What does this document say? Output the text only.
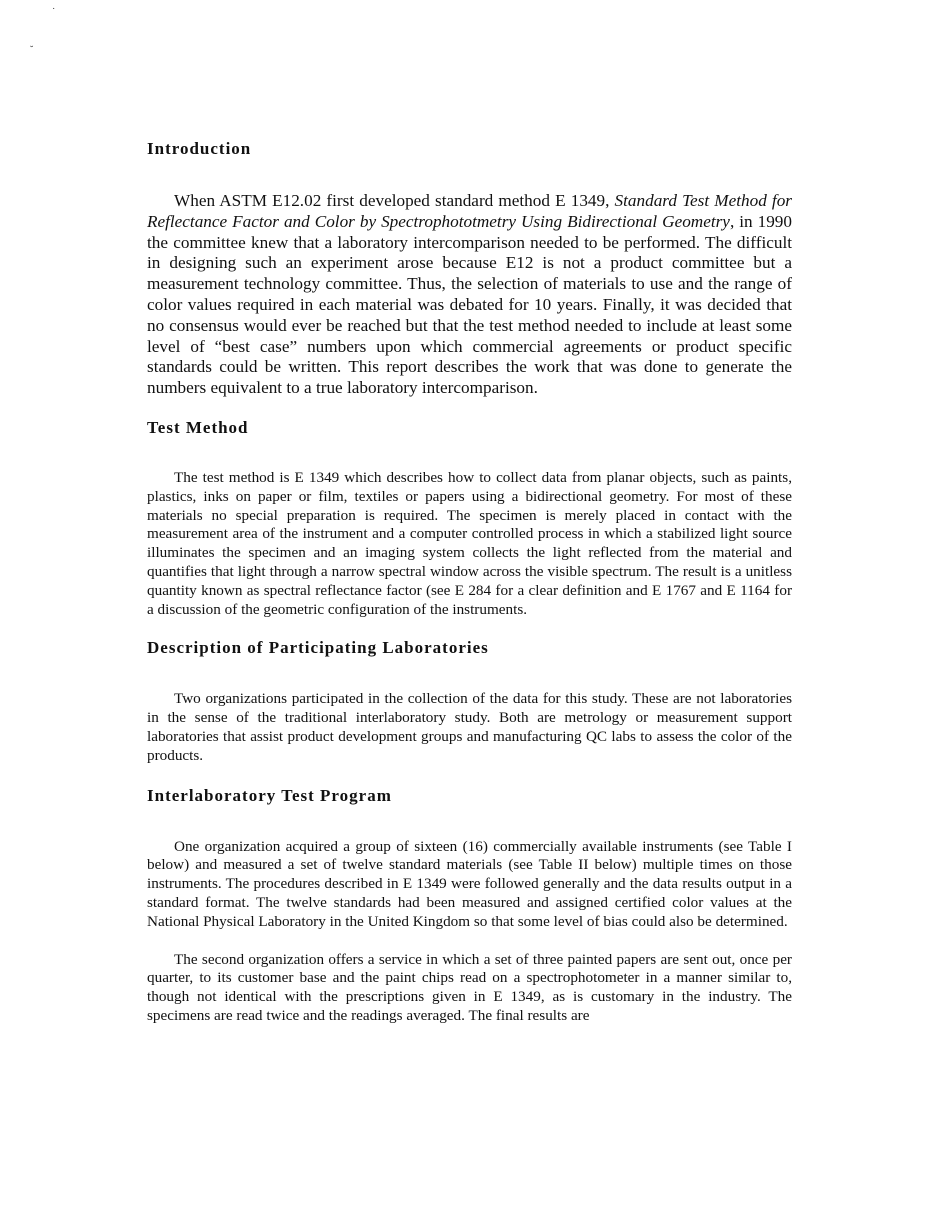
˙
˘
Introduction

When ASTM E12.02 first developed standard method E 1349, Standard Test Method for Reflectance Factor and Color by Spectrophototmetry Using Bidirectional Geometry, in 1990 the committee knew that a laboratory intercomparison needed to be performed. The difficult in designing such an experiment arose because E12 is not a product committee but a measurement technology committee. Thus, the selection of materials to use and the range of color values required in each material was debated for 10 years. Finally, it was decided that no consensus would ever be reached but that the test method needed to include at least some level of “best case” numbers upon which commercial agreements or product specific standards could be written. This report describes the work that was done to generate the numbers equivalent to a true laboratory intercomparison.

Test Method

The test method is E 1349 which describes how to collect data from planar objects, such as paints, plastics, inks on paper or film, textiles or papers using a bidirectional geometry. For most of these materials no special preparation is required. The specimen is merely placed in contact with the measurement area of the instrument and a computer controlled process in which a stabilized light source illuminates the specimen and an imaging system collects the light reflected from the material and quantifies that light through a narrow spectral window across the visible spectrum. The result is a unitless quantity known as spectral reflectance factor (see E 284 for a clear definition and E 1767 and E 1164 for a discussion of the geometric configuration of the instruments.

Description of Participating Laboratories

Two organizations participated in the collection of the data for this study. These are not laboratories in the sense of the traditional interlaboratory study. Both are metrology or measurement support laboratories that assist product development groups and manufacturing QC labs to assess the color of the products.

Interlaboratory Test Program

One organization acquired a group of sixteen (16) commercially available instruments (see Table I below) and measured a set of twelve standard materials (see Table II below) multiple times on those instruments. The procedures described in E 1349 were followed generally and the data results output in a standard format. The twelve standards had been measured and assigned certified color values at the National Physical Laboratory in the United Kingdom so that some level of bias could also be determined.

The second organization offers a service in which a set of three painted papers are sent out, once per quarter, to its customer base and the paint chips read on a spectrophotometer in a manner similar to, though not identical with the prescriptions given in E 1349, as is customary in the industry. The specimens are read twice and the readings averaged. The final results are
